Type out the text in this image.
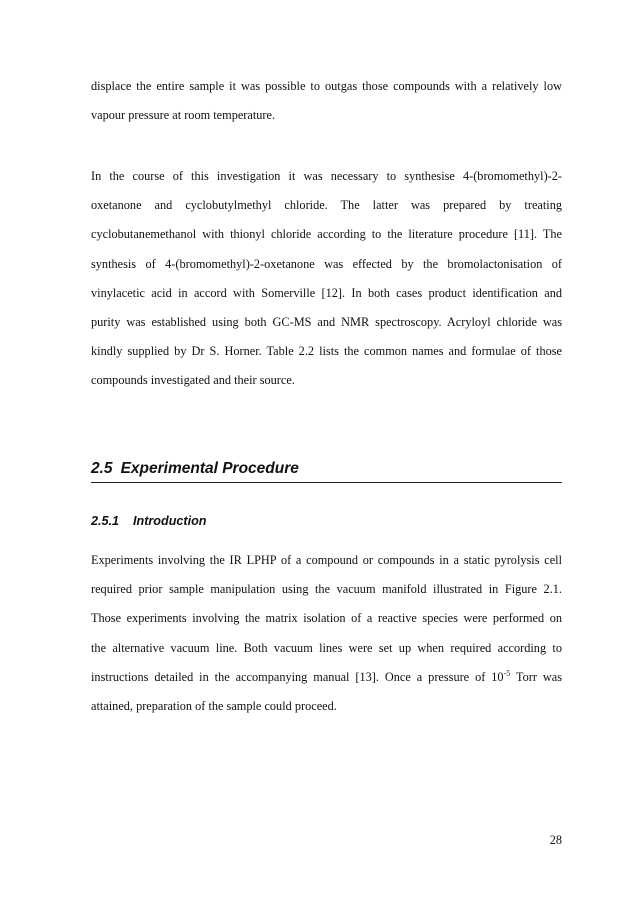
displace the entire sample it was possible to outgas those compounds with a relatively low
vapour pressure at room temperature.

In the course of this investigation it was necessary to synthesise 4-(bromomethyl)-2-
oxetanone and cyclobutylmethyl chloride. The latter was prepared by treating
cyclobutanemethanol with thionyl chloride according to the literature procedure [11]. The
synthesis of 4-(bromomethyl)-2-oxetanone was effected by the bromolactonisation of
vinylacetic acid in accord with Somerville [12]. In both cases product identification and
purity was established using both GC-MS and NMR spectroscopy. Acryloyl chloride was
kindly supplied by Dr S. Horner. Table 2.2 lists the common names and formulae of those
compounds investigated and their source.

2.5 Experimental Procedure
2.5.1 Introduction

Experiments involving the IR LPHP of a compound or compounds in a static pyrolysis cell
required prior sample manipulation using the vacuum manifold illustrated in Figure 2.1.
Those experiments involving the matrix isolation of a reactive species were performed on
the alternative vacuum line. Both vacuum lines were set up when required according to
instructions detailed in the accompanying manual [13]. Once a pressure of $10^{-5}$ Torr was
attained, preparation of the sample could proceed.

28
